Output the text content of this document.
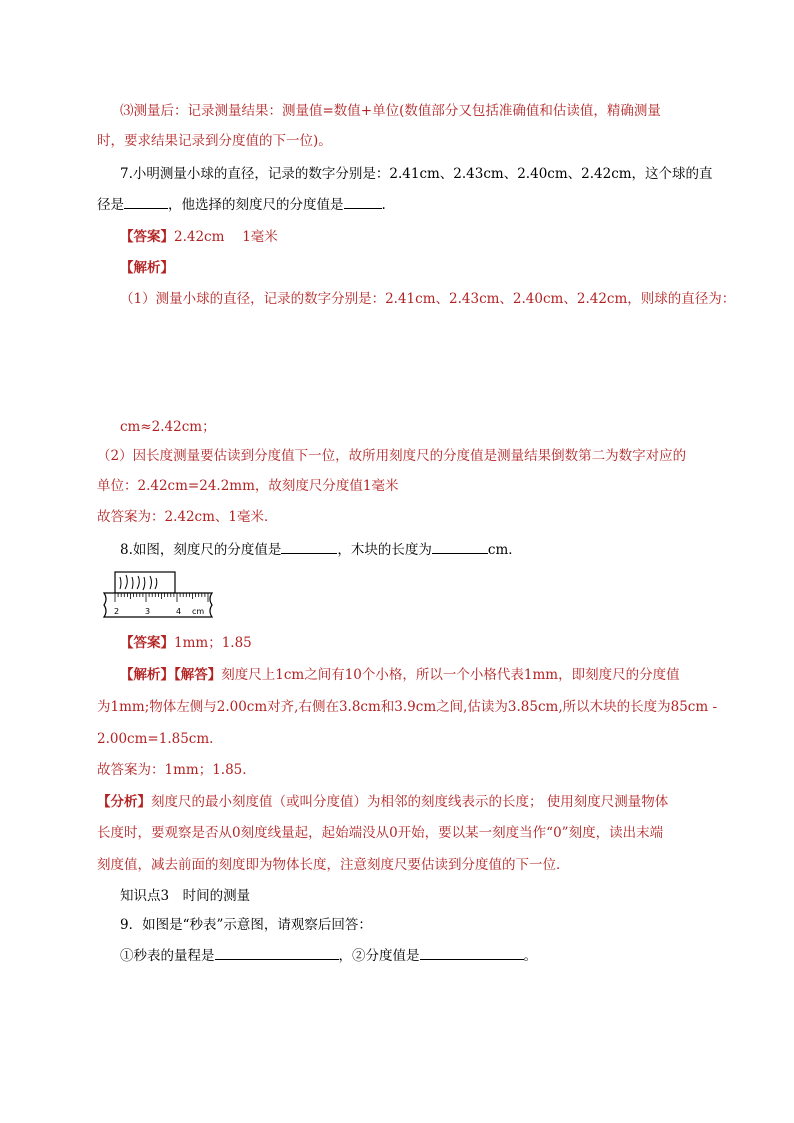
⑶测量后：记录测量结果：测量值=数值+单位(数值部分又包括准确值和估读值，精确测量
时，要求结果记录到分度值的下一位)。
7.小明测量小球的直径，记录的数字分别是：2.41cm、2.43cm、2.40cm、2.42cm，这个球的直
径是	，他选择的刻度尺的分度值是	.
【答案】2.42cm　 1毫米
【解析】
（1）测量小球的直径，记录的数字分别是：2.41cm、2.43cm、2.40cm、2.42cm，则球的直径为：
cm≈2.42cm；
（2）因长度测量要估读到分度值下一位，故所用刻度尺的分度值是测量结果倒数第二为数字对应的
单位：2.42cm=24.2mm，故刻度尺分度值1毫米
故答案为：2.42cm、1毫米．
8.如图，刻度尺的分度值是	，木块的长度为	cm．
2	3	4 cm
【答案】1mm；1.85
【解析】【解答】刻度尺上1cm之间有10个小格，所以一个小格代表1mm，即刻度尺的分度值
为1mm;物体左侧与2.00cm对齐,右侧在3.8cm和3.9cm之间,估读为3.85cm,所以木块的长度为85cm -
2.00cm=1.85cm.
故答案为：1mm；1.85.
【分析】刻度尺的最小刻度值（或叫分度值）为相邻的刻度线表示的长度； 使用刻度尺测量物体
长度时，要观察是否从0刻度线量起，起始端没从0开始，要以某一刻度当作“0”刻度，读出末端
刻度值，减去前面的刻度即为物体长度，注意刻度尺要估读到分度值的下一位．
知识点3　时间的测量
9．如图是“秒表”示意图，请观察后回答：
①秒表的量程是	，②分度值是	。
